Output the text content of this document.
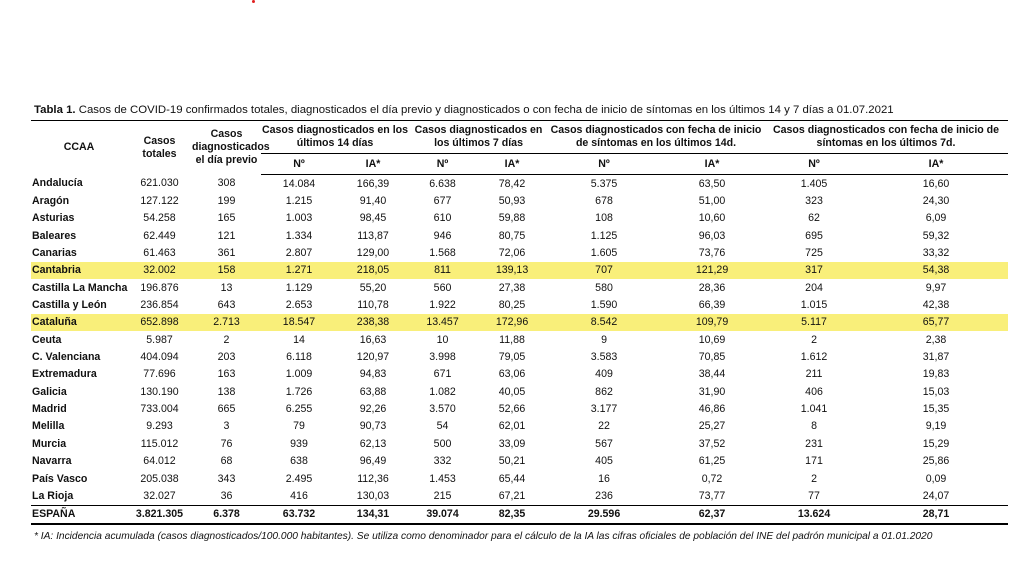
Tabla 1. Casos de COVID-19 confirmados totales, diagnosticados el día previo y diagnosticados o con fecha de inicio de síntomas en los últimos 14 y 7 días a 01.07.2021
CCAA	Casos totales	Casos diagnosticados el día previo	Casos diagnosticados en los últimos 14 días		Casos diagnosticados en los últimos 7 días		Casos diagnosticados con fecha de inicio de síntomas en los últimos 14d.		Casos diagnosticados con fecha de inicio de síntomas en los últimos 7d.	
			Nº	IA*	Nº	IA*	Nº	IA*	Nº	IA*
Andalucía	621.030	308	14.084	166,39	6.638	78,42	5.375	63,50	1.405	16,60
Aragón	127.122	199	1.215	91,40	677	50,93	678	51,00	323	24,30
Asturias	54.258	165	1.003	98,45	610	59,88	108	10,60	62	6,09
Baleares	62.449	121	1.334	113,87	946	80,75	1.125	96,03	695	59,32
Canarias	61.463	361	2.807	129,00	1.568	72,06	1.605	73,76	725	33,32
Cantabria	32.002	158	1.271	218,05	811	139,13	707	121,29	317	54,38
Castilla La Mancha	196.876	13	1.129	55,20	560	27,38	580	28,36	204	9,97
Castilla y León	236.854	643	2.653	110,78	1.922	80,25	1.590	66,39	1.015	42,38
Cataluña	652.898	2.713	18.547	238,38	13.457	172,96	8.542	109,79	5.117	65,77
Ceuta	5.987	2	14	16,63	10	11,88	9	10,69	2	2,38
C. Valenciana	404.094	203	6.118	120,97	3.998	79,05	3.583	70,85	1.612	31,87
Extremadura	77.696	163	1.009	94,83	671	63,06	409	38,44	211	19,83
Galicia	130.190	138	1.726	63,88	1.082	40,05	862	31,90	406	15,03
Madrid	733.004	665	6.255	92,26	3.570	52,66	3.177	46,86	1.041	15,35
Melilla	9.293	3	79	90,73	54	62,01	22	25,27	8	9,19
Murcia	115.012	76	939	62,13	500	33,09	567	37,52	231	15,29
Navarra	64.012	68	638	96,49	332	50,21	405	61,25	171	25,86
País Vasco	205.038	343	2.495	112,36	1.453	65,44	16	0,72	2	0,09
La Rioja	32.027	36	416	130,03	215	67,21	236	73,77	77	24,07
ESPAÑA	3.821.305	6.378	63.732	134,31	39.074	82,35	29.596	62,37	13.624	28,71
* IA: Incidencia acumulada (casos diagnosticados/100.000 habitantes). Se utiliza como denominador para el cálculo de la IA las cifras oficiales de población del INE del padrón municipal a 01.01.2020
